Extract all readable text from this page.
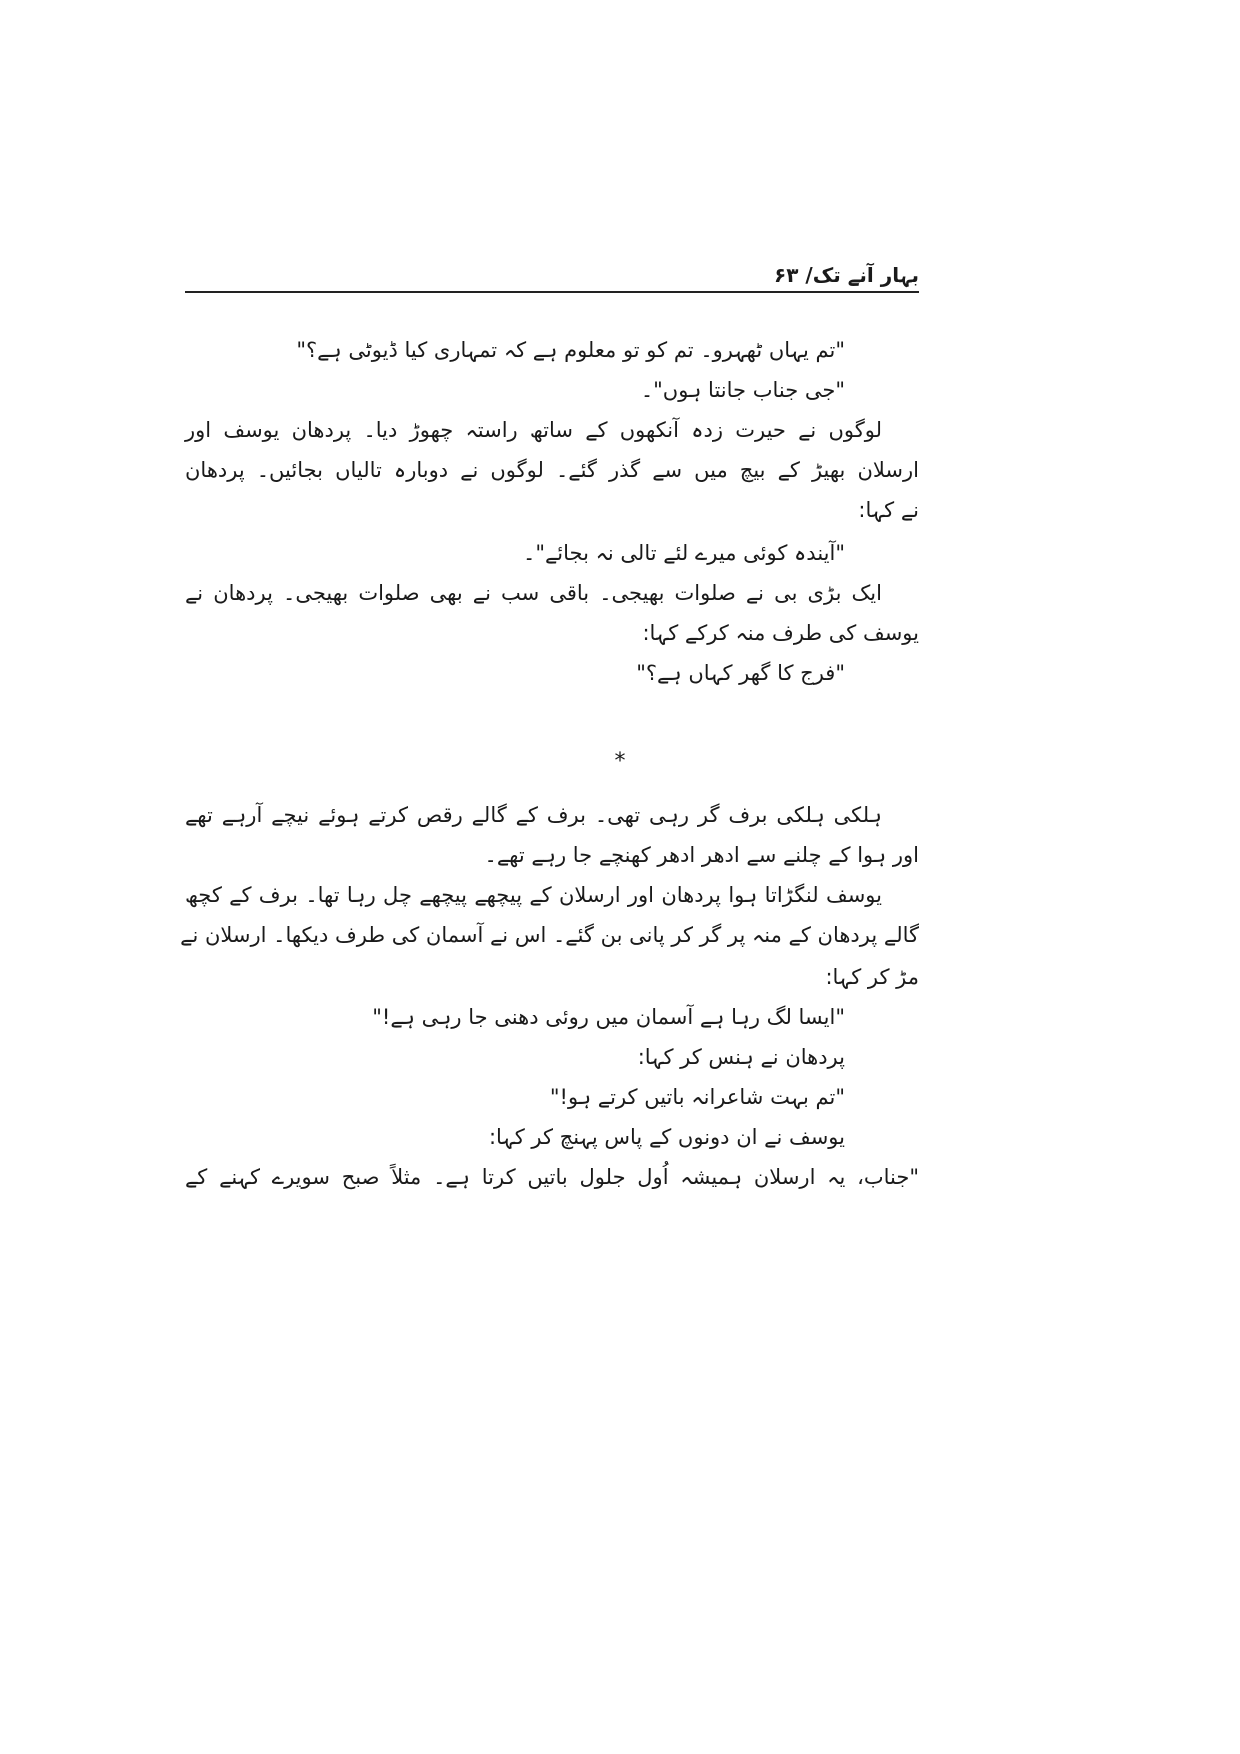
بہار آنے تک/ ۶۳
"تم یہاں ٹھہرو۔ تم کو تو معلوم ہے کہ تمہاری کیا ڈیوٹی ہے؟"
"جی جناب جانتا ہوں"۔
لوگوں نے حیرت زدہ آنکھوں کے ساتھ راستہ چھوڑ دیا۔ پردھان یوسف اور
ارسلان بھیڑ کے بیچ میں سے گذر گئے۔ لوگوں نے دوبارہ تالیاں بجائیں۔ پردھان
نے کہا:
"آیندہ کوئی میرے لئے تالی نہ بجائے"۔
ایک بڑی بی نے صلوات بھیجی۔ باقی سب نے بھی صلوات بھیجی۔ پردھان نے
یوسف کی طرف منہ کرکے کہا:
"فرج کا گھر کہاں ہے؟"
*
ہلکی ہلکی برف گر رہی تھی۔ برف کے گالے رقص کرتے ہوئے نیچے آرہے تھے
اور ہوا کے چلنے سے ادھر ادھر کھنچے جا رہے تھے۔
یوسف لنگڑاتا ہوا پردھان اور ارسلان کے پیچھے پیچھے چل رہا تھا۔ برف کے کچھ
گالے پردھان کے منہ پر گر کر پانی بن گئے۔ اس نے آسمان کی طرف دیکھا۔ ارسلان نے
مڑ کر کہا:
"ایسا لگ رہا ہے آسمان میں روئی دھنی جا رہی ہے!"
پردھان نے ہنس کر کہا:
"تم بہت شاعرانہ باتیں کرتے ہو!"
یوسف نے ان دونوں کے پاس پہنچ کر کہا:
"جناب، یہ ارسلان ہمیشہ اُول جلول باتیں کرتا ہے۔ مثلاً صبح سویرے کہنے کے
